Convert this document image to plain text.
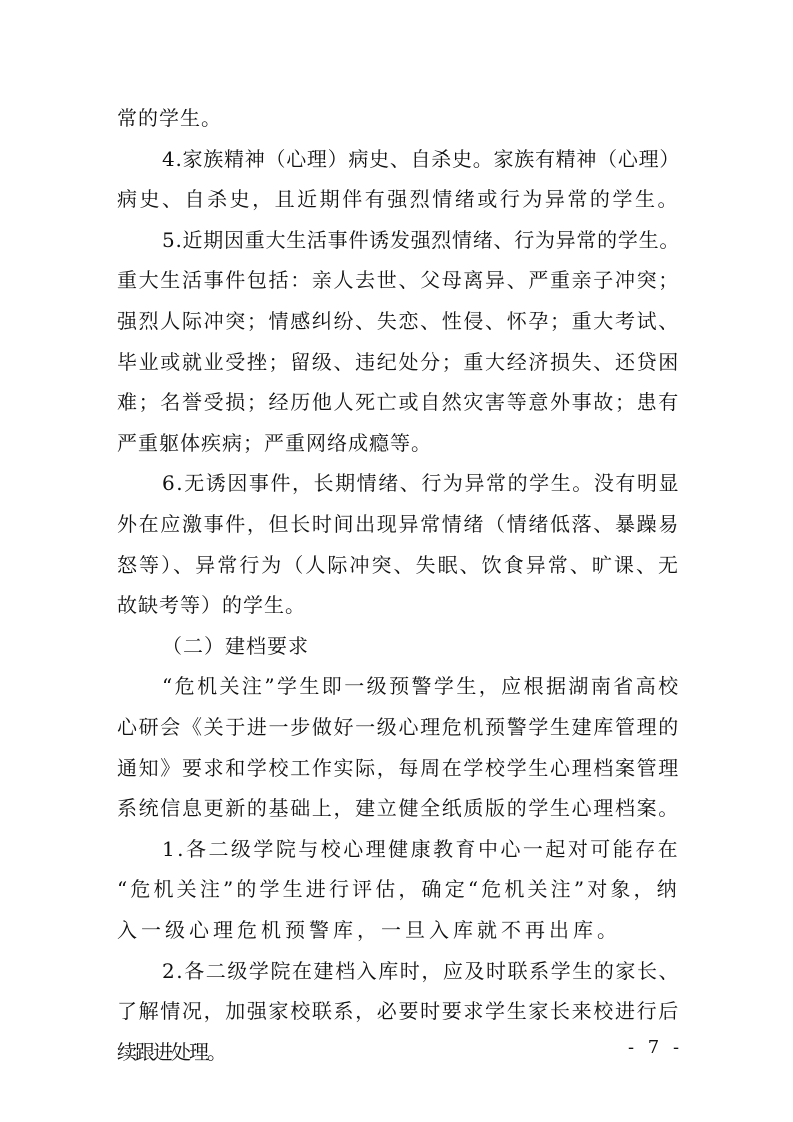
常的学生。
4.家族精神（心理）病史、自杀史。家族有精神（心理）
病史、自杀史，且近期伴有强烈情绪或行为异常的学生。
5.近期因重大生活事件诱发强烈情绪、行为异常的学生。
重大生活事件包括：亲人去世、父母离异、严重亲子冲突；
强烈人际冲突；情感纠纷、失恋、性侵、怀孕；重大考试、
毕业或就业受挫；留级、违纪处分；重大经济损失、还贷困
难；名誉受损；经历他人死亡或自然灾害等意外事故；患有
严重躯体疾病；严重网络成瘾等。
6.无诱因事件，长期情绪、行为异常的学生。没有明显
外在应激事件，但长时间出现异常情绪（情绪低落、暴躁易
怒等）、异常行为（人际冲突、失眠、饮食异常、旷课、无
故缺考等）的学生。
（二）建档要求
“危机关注”学生即一级预警学生，应根据湖南省高校
心研会《关于进一步做好一级心理危机预警学生建库管理的
通知》要求和学校工作实际，每周在学校学生心理档案管理
系统信息更新的基础上，建立健全纸质版的学生心理档案。
1.各二级学院与校心理健康教育中心一起对可能存在
“危机关注”的学生进行评估，确定“危机关注”对象，纳
入一级心理危机预警库，一旦入库就不再出库。
2.各二级学院在建档入库时，应及时联系学生的家长、
了解情况，加强家校联系，必要时要求学生家长来校进行后
- 7 -
续跟进处理。
